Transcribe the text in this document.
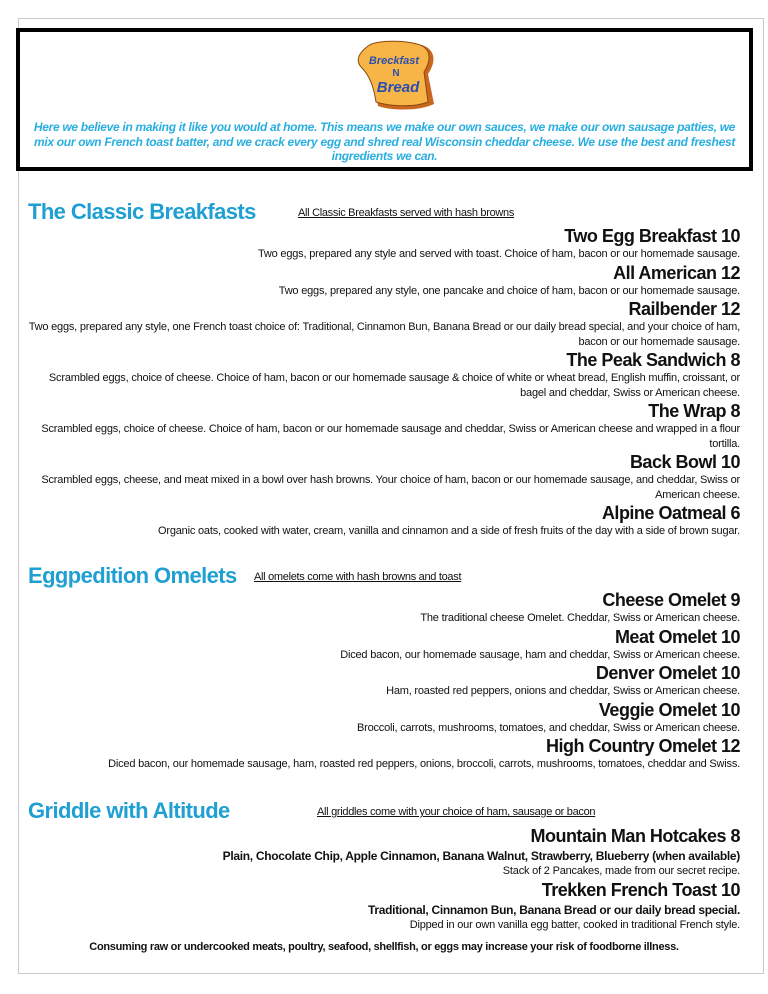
Breckfast
N
Bread
Here we believe in making it like you would at home. This means we make our own sauces, we make our own sausage patties, we mix our own French toast batter, and we crack every egg and shred real Wisconsin cheddar cheese. We use the best and freshest ingredients we can.
The Classic Breakfasts	All Classic Breakfasts served with hash browns
Two Egg Breakfast 10
Two eggs, prepared any style and served with toast. Choice of ham, bacon or our homemade sausage.
All American 12
Two eggs, prepared any style, one pancake and choice of ham, bacon or our homemade sausage.
Railbender 12
Two eggs, prepared any style, one French toast choice of: Traditional, Cinnamon Bun, Banana Bread or our daily bread special, and your choice of ham, bacon or our homemade sausage.
The Peak Sandwich 8
Scrambled eggs, choice of cheese. Choice of ham, bacon or our homemade sausage & choice of white or wheat bread, English muffin, croissant, or bagel and cheddar, Swiss or American cheese.
The Wrap 8
Scrambled eggs, choice of cheese. Choice of ham, bacon or our homemade sausage and cheddar, Swiss or American cheese and wrapped in a flour tortilla.
Back Bowl 10
Scrambled eggs, cheese, and meat mixed in a bowl over hash browns. Your choice of ham, bacon or our homemade sausage, and cheddar, Swiss or American cheese.
Alpine Oatmeal 6
Organic oats, cooked with water, cream, vanilla and cinnamon and a side of fresh fruits of the day with a side of brown sugar.
Eggpedition Omelets All omelets come with hash browns and toast
Cheese Omelet 9
The traditional cheese Omelet. Cheddar, Swiss or American cheese.
Meat Omelet 10
Diced bacon, our homemade sausage, ham and cheddar, Swiss or American cheese.
Denver Omelet 10
Ham, roasted red peppers, onions and cheddar, Swiss or American cheese.
Veggie Omelet 10
Broccoli, carrots, mushrooms, tomatoes, and cheddar, Swiss or American cheese.
High Country Omelet 12
Diced bacon, our homemade sausage, ham, roasted red peppers, onions, broccoli, carrots, mushrooms, tomatoes, cheddar and Swiss.
Griddle with Altitude	All griddles come with your choice of ham, sausage or bacon
Mountain Man Hotcakes 8
Plain, Chocolate Chip, Apple Cinnamon, Banana Walnut, Strawberry, Blueberry (when available)
Stack of 2 Pancakes, made from our secret recipe.
Trekken French Toast 10
Traditional, Cinnamon Bun, Banana Bread or our daily bread special.
Dipped in our own vanilla egg batter, cooked in traditional French style.
Consuming raw or undercooked meats, poultry, seafood, shellfish, or eggs may increase your risk of foodborne illness.
